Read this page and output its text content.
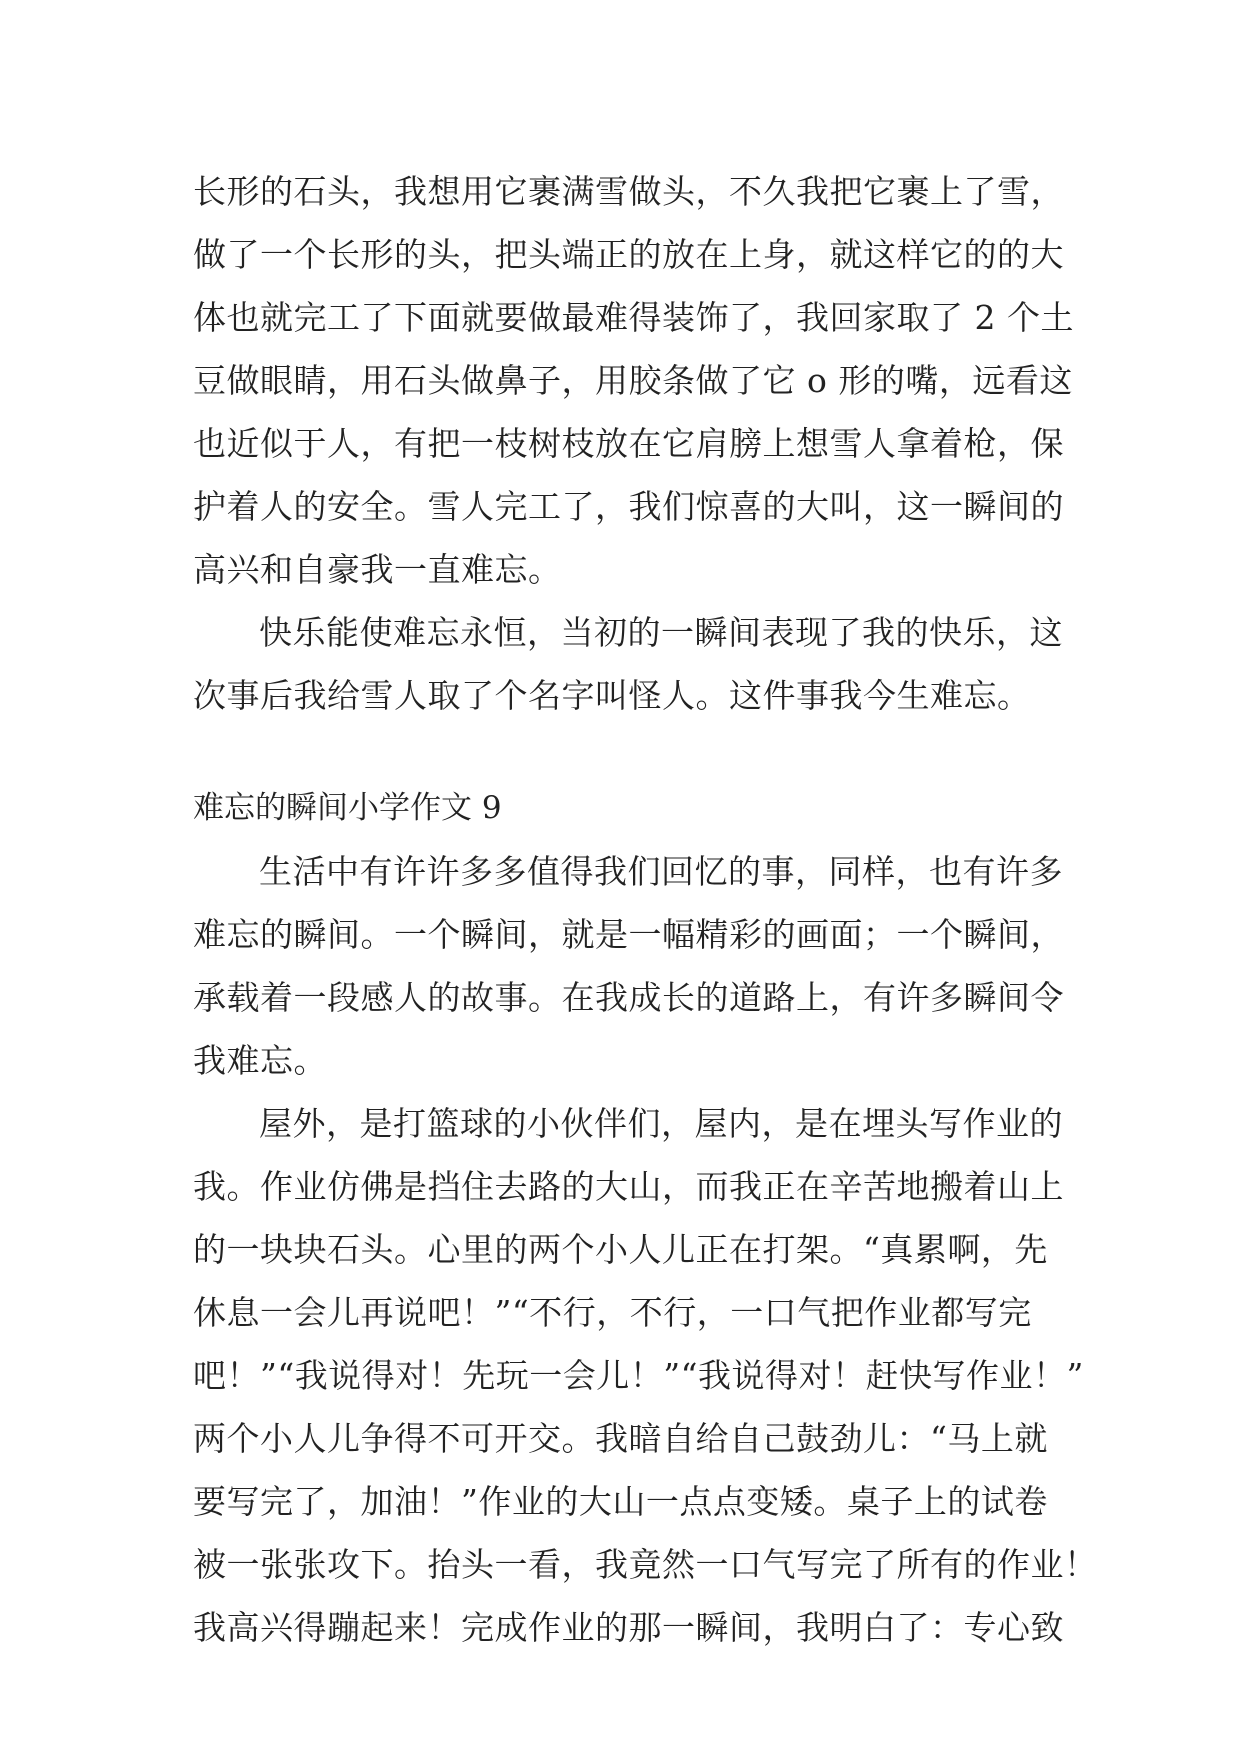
长形的石头，我想用它裹满雪做头，不久我把它裹上了雪，
做了一个长形的头，把头端正的放在上身，就这样它的的大
体也就完工了下面就要做最难得装饰了，我回家取了 2 个土
豆做眼睛，用石头做鼻子，用胶条做了它 o 形的嘴，远看这
也近似于人，有把一枝树枝放在它肩膀上想雪人拿着枪，保
护着人的安全。雪人完工了，我们惊喜的大叫，这一瞬间的
高兴和自豪我一直难忘。
快乐能使难忘永恒，当初的一瞬间表现了我的快乐，这
次事后我给雪人取了个名字叫怪人。这件事我今生难忘。
难忘的瞬间小学作文 9
生活中有许许多多值得我们回忆的事，同样，也有许多
难忘的瞬间。一个瞬间，就是一幅精彩的画面；一个瞬间，
承载着一段感人的故事。在我成长的道路上，有许多瞬间令
我难忘。
屋外，是打篮球的小伙伴们，屋内，是在埋头写作业的
我。作业仿佛是挡住去路的大山，而我正在辛苦地搬着山上
的一块块石头。心里的两个小人儿正在打架。“真累啊，先
休息一会儿再说吧！”“不行，不行，一口气把作业都写完
吧！”“我说得对！先玩一会儿！”“我说得对！赶快写作业！”
两个小人儿争得不可开交。我暗自给自己鼓劲儿：“马上就
要写完了，加油！”作业的大山一点点变矮。桌子上的试卷
被一张张攻下。抬头一看，我竟然一口气写完了所有的作业！
我高兴得蹦起来！完成作业的那一瞬间，我明白了：专心致
